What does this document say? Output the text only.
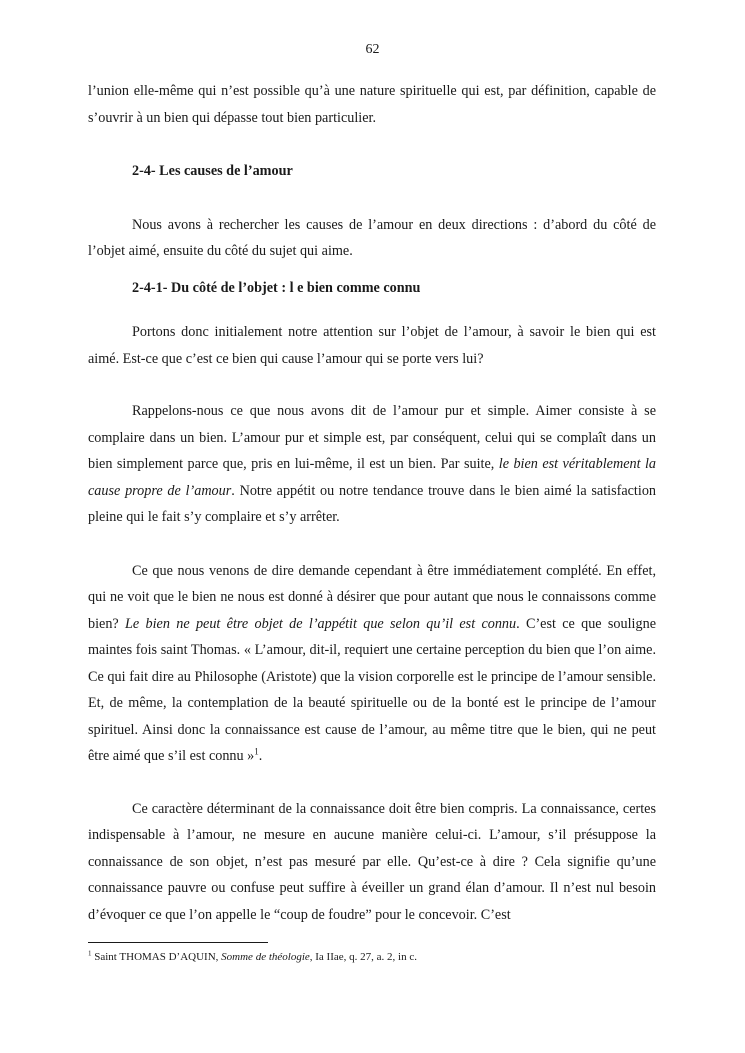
62

l’union elle-même qui n’est possible qu’à une nature spirituelle qui est, par définition, capable de s’ouvrir à un bien qui dépasse tout bien particulier.

2-4- Les causes de l’amour

Nous avons à rechercher les causes de l’amour en deux directions : d’abord du côté de l’objet aimé, ensuite du côté du sujet qui aime.

2-4-1- Du côté de l’objet : l e bien comme connu

Portons donc initialement notre attention sur l’objet de l’amour, à savoir le bien qui est aimé. Est-ce que c’est ce bien qui cause l’amour qui se porte vers lui?

Rappelons-nous ce que nous avons dit de l’amour pur et simple. Aimer consiste à se complaire dans un bien. L’amour pur et simple est, par conséquent, celui qui se complaît dans un bien simplement parce que, pris en lui-même, il est un bien. Par suite, le bien est véritablement la cause propre de l’amour. Notre appétit ou notre tendance trouve dans le bien aimé la satisfaction pleine qui le fait s’y complaire et s’y arrêter.

Ce que nous venons de dire demande cependant à être immédiatement complété. En effet, qui ne voit que le bien ne nous est donné à désirer que pour autant que nous le connaissons comme bien? Le bien ne peut être objet de l’appétit que selon qu’il est connu. C’est ce que souligne maintes fois saint Thomas. « L’amour, dit-il, requiert une certaine perception du bien que l’on aime. Ce qui fait dire au Philosophe (Aristote) que la vision corporelle est le principe de l’amour sensible. Et, de même, la contemplation de la beauté spirituelle ou de la bonté est le principe de l’amour spirituel. Ainsi donc la connaissance est cause de l’amour, au même titre que le bien, qui ne peut être aimé que s’il est connu »$^1$.

Ce caractère déterminant de la connaissance doit être bien compris. La connaissance, certes indispensable à l’amour, ne mesure en aucune manière celui-ci. L’amour, s’il présuppose la connaissance de son objet, n’est pas mesuré par elle. Qu’est-ce à dire ? Cela signifie qu’une connaissance pauvre ou confuse peut suffire à éveiller un grand élan d’amour. Il n’est nul besoin d’évoquer ce que l’on appelle le “coup de foudre” pour le concevoir. C’est

$^1$ Saint THOMAS D’AQUIN, Somme de théologie, Ia IIae, q. 27, a. 2, in c.
